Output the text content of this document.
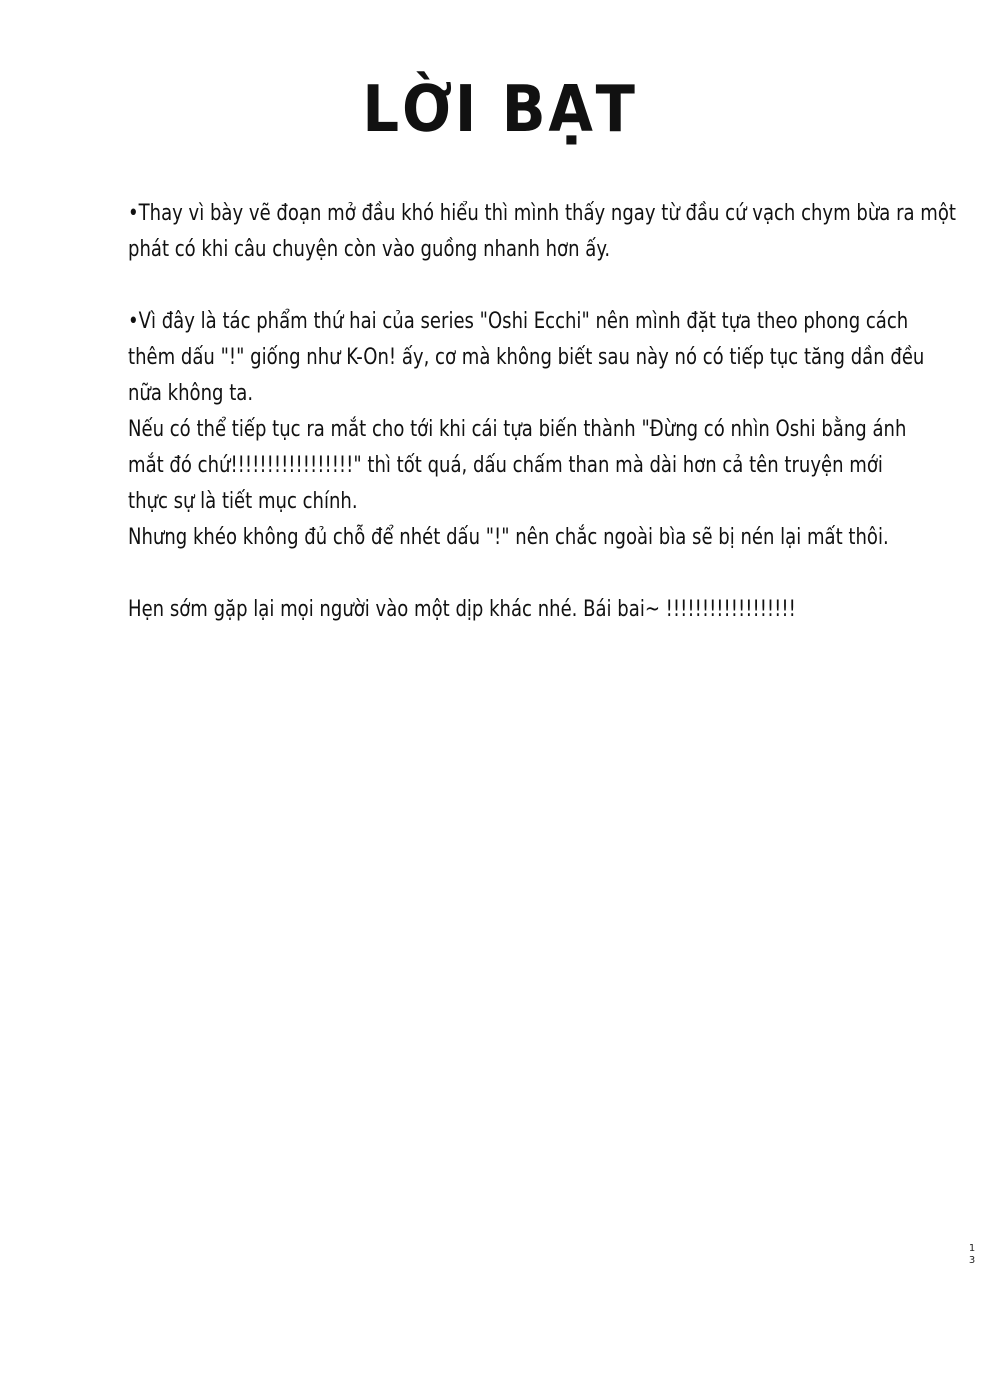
LỜI BẠT
•Thay vì bày vẽ đoạn mở đầu khó hiểu thì mình thấy ngay từ đầu cứ vạch chym bừa ra một
phát có khi câu chuyện còn vào guồng nhanh hơn ấy.
•Vì đây là tác phẩm thứ hai của series "Oshi Ecchi" nên mình đặt tựa theo phong cách
thêm dấu "!" giống như K-On! ấy, cơ mà không biết sau này nó có tiếp tục tăng dần đều
nữa không ta.
Nếu có thể tiếp tục ra mắt cho tới khi cái tựa biến thành "Đừng có nhìn Oshi bằng ánh
mắt đó chứ!!!!!!!!!!!!!!!!!" thì tốt quá, dấu chấm than mà dài hơn cả tên truyện mới
thực sự là tiết mục chính.
Nhưng khéo không đủ chỗ để nhét dấu "!" nên chắc ngoài bìa sẽ bị nén lại mất thôi.
Hẹn sớm gặp lại mọi người vào một dịp khác nhé. Bái bai~ !!!!!!!!!!!!!!!!!!
1
3
